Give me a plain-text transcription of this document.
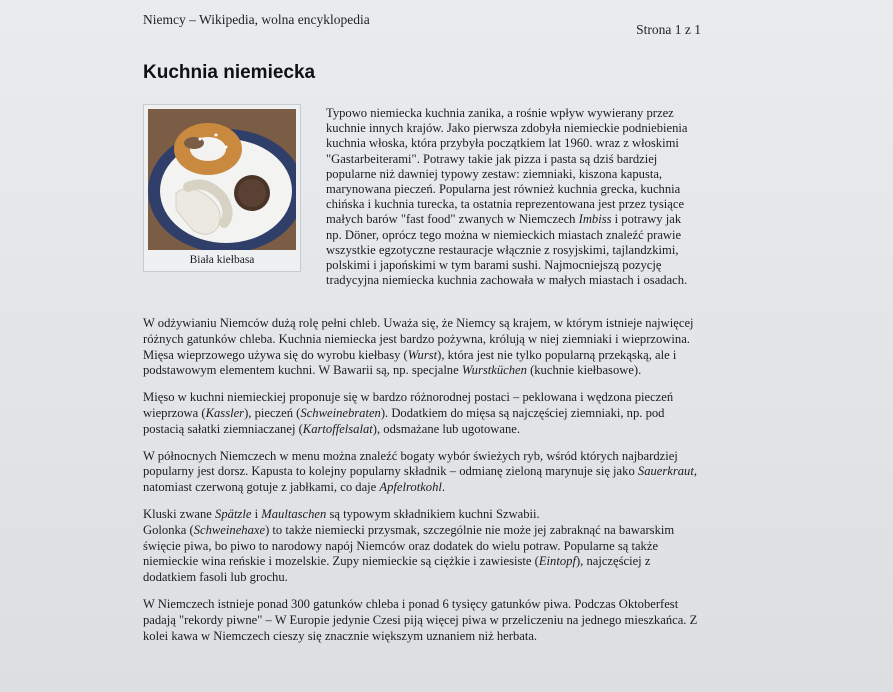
Niemcy – Wikipedia, wolna encyklopedia
Strona 1 z 1
Kuchnia niemiecka
Biała kiełbasa

Typowo niemiecka kuchnia zanika, a rośnie wpływ wywierany przez kuchnie innych krajów. Jako pierwsza zdobyła niemieckie podniebienia kuchnia włoska, która przybyła początkiem lat 1960. wraz z włoskimi "Gastarbeiterami". Potrawy takie jak pizza i pasta są dziś bardziej popularne niż dawniej typowy zestaw: ziemniaki, kiszona kapusta, marynowana pieczeń. Popularna jest również kuchnia grecka, kuchnia chińska i kuchnia turecka, ta ostatnia reprezentowana jest przez tysiące małych barów "fast food" zwanych w Niemczech Imbiss i potrawy jak np. Döner, oprócz tego można w niemieckich miastach znaleźć prawie wszystkie egzotyczne restauracje włącznie z rosyjskimi, tajlandzkimi, polskimi i japońskimi w tym barami sushi. Najmocniejszą pozycję tradycyjna niemiecka kuchnia zachowała w małych miastach i osadach.

W odżywianiu Niemców dużą rolę pełni chleb. Uważa się, że Niemcy są krajem, w którym istnieje najwięcej różnych gatunków chleba. Kuchnia niemiecka jest bardzo pożywna, królują w niej ziemniaki i wieprzowina. Mięsa wieprzowego używa się do wyrobu kiełbasy (Wurst), która jest nie tylko popularną przekąską, ale i podstawowym elementem kuchni. W Bawarii są, np. specjalne Wurstküchen (kuchnie kiełbasowe).

Mięso w kuchni niemieckiej proponuje się w bardzo różnorodnej postaci – peklowana i wędzona pieczeń wieprzowa (Kassler), pieczeń (Schweinebraten). Dodatkiem do mięsa są najczęściej ziemniaki, np. pod postacią sałatki ziemniaczanej (Kartoffelsalat), odsmażane lub ugotowane.

W północnych Niemczech w menu można znaleźć bogaty wybór świeżych ryb, wśród których najbardziej popularny jest dorsz. Kapusta to kolejny popularny składnik – odmianę zieloną marynuje się jako Sauerkraut, natomiast czerwoną gotuje z jabłkami, co daje Apfelrotkohl.

Kluski zwane Spätzle i Maultaschen są typowym składnikiem kuchni Szwabii.
Golonka (Schweinehaxe) to także niemiecki przysmak, szczególnie nie może jej zabraknąć na bawarskim święcie piwa, bo piwo to narodowy napój Niemców oraz dodatek do wielu potraw. Popularne są także niemieckie wina reńskie i mozelskie. Zupy niemieckie są ciężkie i zawiesiste (Eintopf), najczęściej z dodatkiem fasoli lub grochu.

W Niemczech istnieje ponad 300 gatunków chleba i ponad 6 tysięcy gatunków piwa. Podczas Oktoberfest padają "rekordy piwne" – W Europie jedynie Czesi piją więcej piwa w przeliczeniu na jednego mieszkańca. Z kolei kawa w Niemczech cieszy się znacznie większym uznaniem niż herbata.
